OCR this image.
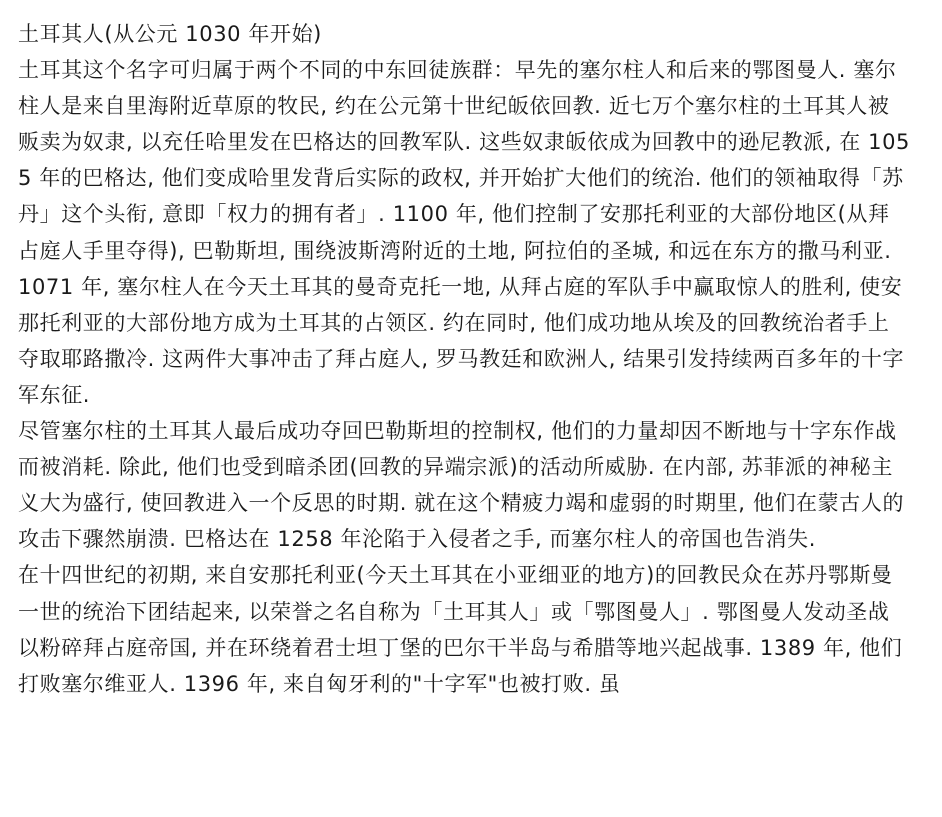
土耳其人(从公元 1030 年开始)
土耳其这个名字可归属于两个不同的中东回徒族群：早先的塞尔柱人和后来的鄂图曼人. 塞尔柱人是来自里海附近草原的牧民, 约在公元第十世纪皈依回教. 近七万个塞尔柱的土耳其人被贩卖为奴隶, 以充任哈里发在巴格达的回教军队. 这些奴隶皈依成为回教中的逊尼教派, 在 1055 年的巴格达, 他们变成哈里发背后实际的政权, 并开始扩大他们的统治. 他们的领袖取得「苏丹」这个头衔, 意即「权力的拥有者」. 1100 年, 他们控制了安那托利亚的大部份地区(从拜占庭人手里夺得), 巴勒斯坦, 围绕波斯湾附近的土地, 阿拉伯的圣城, 和远在东方的撒马利亚.
1071 年, 塞尔柱人在今天土耳其的曼奇克托一地, 从拜占庭的军队手中赢取惊人的胜利, 使安那托利亚的大部份地方成为土耳其的占领区. 约在同时, 他们成功地从埃及的回教统治者手上夺取耶路撒冷. 这两件大事冲击了拜占庭人, 罗马教廷和欧洲人, 结果引发持续两百多年的十字军东征.
尽管塞尔柱的土耳其人最后成功夺回巴勒斯坦的控制权, 他们的力量却因不断地与十字东作战而被消耗. 除此, 他们也受到暗杀团(回教的异端宗派)的活动所威胁. 在内部, 苏菲派的神秘主义大为盛行, 使回教进入一个反思的时期. 就在这个精疲力竭和虚弱的时期里, 他们在蒙古人的攻击下骤然崩溃. 巴格达在 1258 年沦陷于入侵者之手, 而塞尔柱人的帝国也告消失.
在十四世纪的初期, 来自安那托利亚(今天土耳其在小亚细亚的地方)的回教民众在苏丹鄂斯曼一世的统治下团结起来, 以荣誉之名自称为「土耳其人」或「鄂图曼人」. 鄂图曼人发动圣战以粉碎拜占庭帝国, 并在环绕着君士坦丁堡的巴尔干半岛与希腊等地兴起战事. 1389 年, 他们打败塞尔维亚人. 1396 年, 来自匈牙利的"十字军"也被打败. 虽
